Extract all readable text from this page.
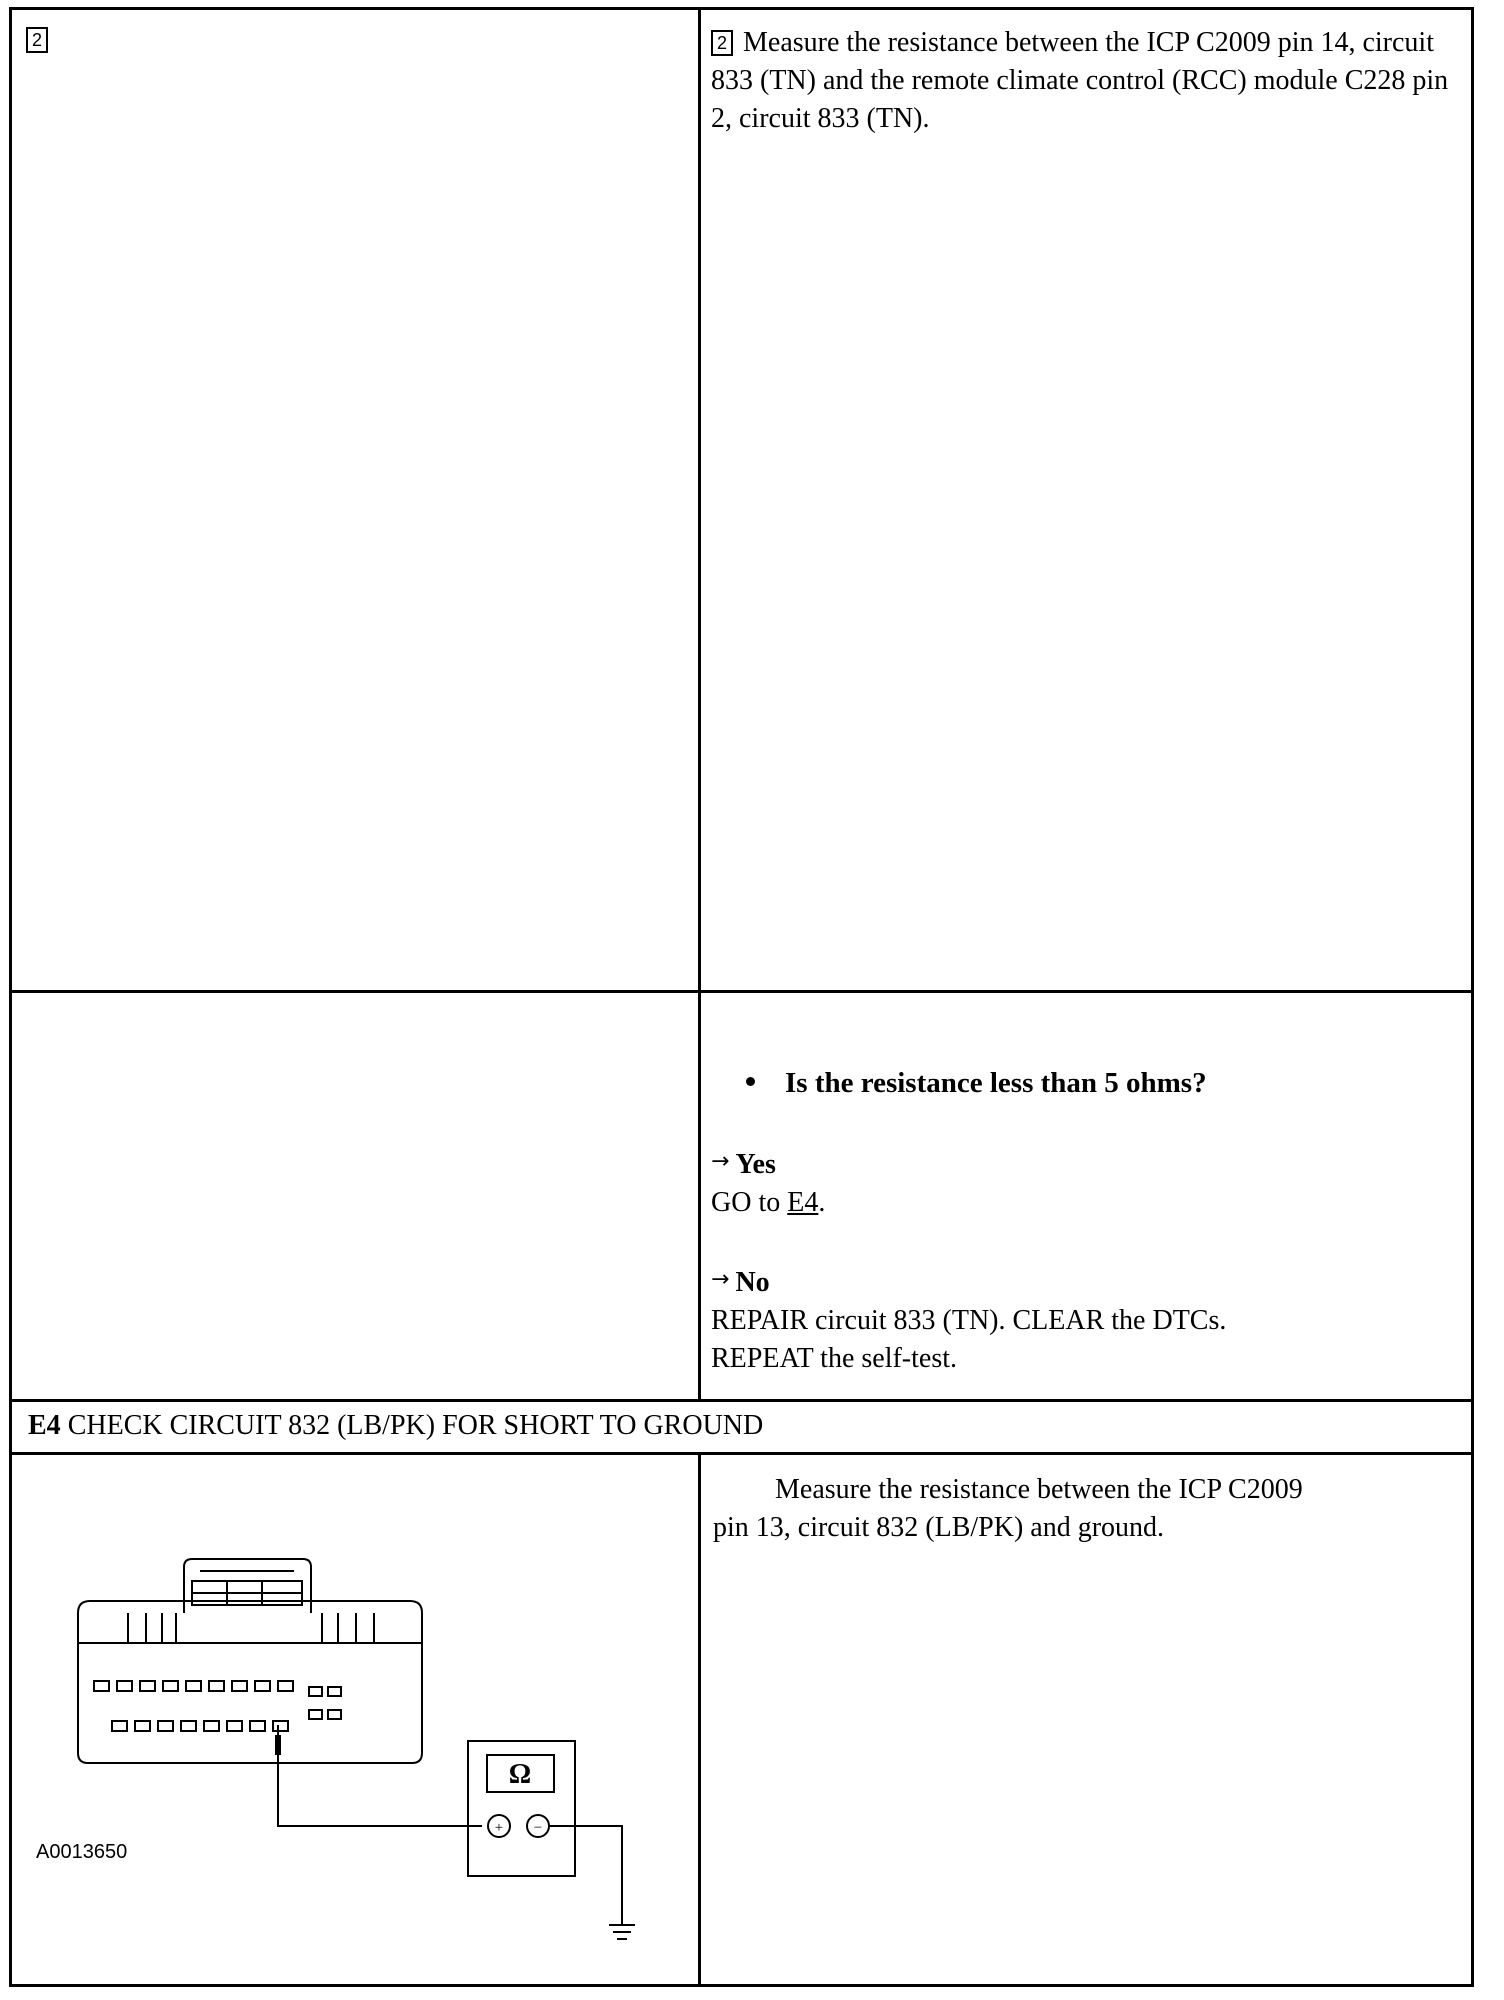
2	2 Measure the resistance between the ICP C2009 pin 14, circuit 833 (TN) and the remote climate control (RCC) module C228 pin 2, circuit 833 (TN).
Is the resistance less than 5 ohms?
→ Yes
GO to E4.
→ No
REPAIR circuit 833 (TN). CLEAR the DTCs.
REPEAT the self-test.
E4 CHECK CIRCUIT 832 (LB/PK) FOR SHORT TO GROUND
Ω
+ −
A0013650
Measure the resistance between the ICP C2009
pin 13, circuit 832 (LB/PK) and ground.
